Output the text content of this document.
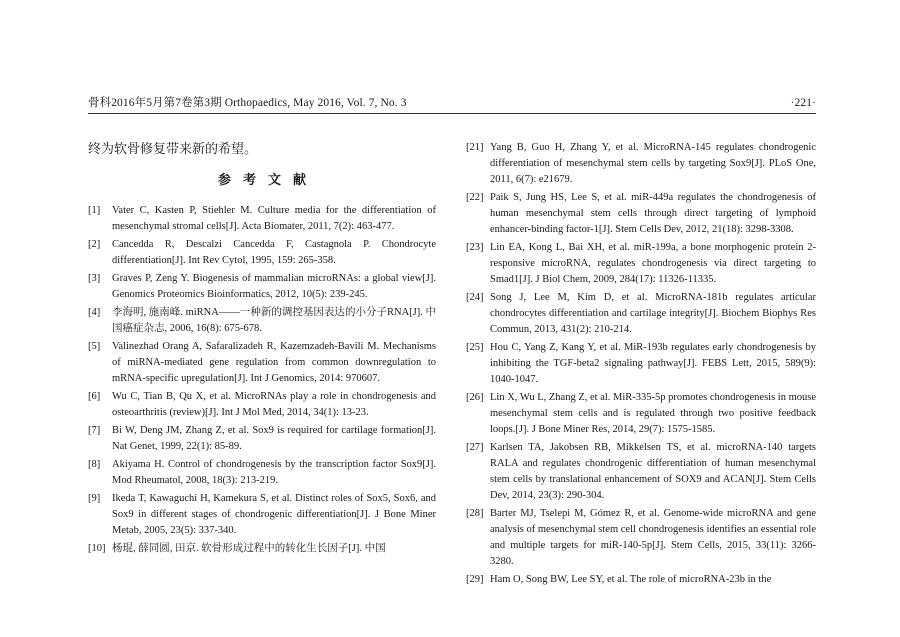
骨科2016年5月第7卷第3期 Orthopaedics, May 2016, Vol. 7, No. 3	·221·

终为软骨修复带来新的希望。

参考文献
[1] Vater C, Kasten P, Stiehler M. Culture media for the differentiation of mesenchymal stromal cells[J]. Acta Biomater, 2011, 7(2): 463-477.
[2] Cancedda R, Descalzi Cancedda F, Castagnola P. Chondrocyte differentiation[J]. Int Rev Cytol, 1995, 159: 265-358.
[3] Graves P, Zeng Y. Biogenesis of mammalian microRNAs: a global view[J]. Genomics Proteomics Bioinformatics, 2012, 10(5): 239-245.
[4] 李海明, 施南峰. miRNA——一种新的调控基因表达的小分子RNA[J]. 中国癌症杂志, 2006, 16(8): 675-678.
[5] Valinezhad Orang A, Safaralizadeh R, Kazemzadeh-Bavili M. Mechanisms of miRNA-mediated gene regulation from common downregulation to mRNA-specific upregulation[J]. Int J Genomics, 2014: 970607.
[6] Wu C, Tian B, Qu X, et al. MicroRNAs play a role in chondrogenesis and osteoarthritis (review)[J]. Int J Mol Med, 2014, 34(1): 13-23.
[7] Bi W, Deng JM, Zhang Z, et al. Sox9 is required for cartilage formation[J]. Nat Genet, 1999, 22(1): 85-89.
[8] Akiyama H. Control of chondrogenesis by the transcription factor Sox9[J]. Mod Rheumatol, 2008, 18(3): 213-219.
[9] Ikeda T, Kawaguchi H, Kamekura S, et al. Distinct roles of Sox5, Sox6, and Sox9 in different stages of chondrogenic differentiation[J]. J Bone Miner Metab, 2005, 23(5): 337-340.
[10] 杨琨, 薛同圆, 田京. 软骨形成过程中的转化生长因子[J]. 中国
[21] Yang B, Guo H, Zhang Y, et al. MicroRNA-145 regulates chondrogenic differentiation of mesenchymal stem cells by targeting Sox9[J]. PLoS One, 2011, 6(7): e21679.
[22] Paik S, Jung HS, Lee S, et al. miR-449a regulates the chondrogenesis of human mesenchymal stem cells through direct targeting of lymphoid enhancer-binding factor-1[J]. Stem Cells Dev, 2012, 21(18): 3298-3308.
[23] Lin EA, Kong L, Bai XH, et al. miR-199a, a bone morphogenic protein 2-responsive microRNA, regulates chondrogenesis via direct targeting to Smad1[J]. J Biol Chem, 2009, 284(17): 11326-11335.
[24] Song J, Lee M, Kim D, et al. MicroRNA-181b regulates articular chondrocytes differentiation and cartilage integrity[J]. Biochem Biophys Res Commun, 2013, 431(2): 210-214.
[25] Hou C, Yang Z, Kang Y, et al. MiR-193b regulates early chondrogenesis by inhibiting the TGF-beta2 signaling pathway[J]. FEBS Lett, 2015, 589(9): 1040-1047.
[26] Lin X, Wu L, Zhang Z, et al. MiR-335-5p promotes chondrogenesis in mouse mesenchymal stem cells and is regulated through two positive feedback loops.[J]. J Bone Miner Res, 2014, 29(7): 1575-1585.
[27] Karlsen TA, Jakobsen RB, Mikkelsen TS, et al. microRNA-140 targets RALA and regulates chondrogenic differentiation of human mesenchymal stem cells by translational enhancement of SOX9 and ACAN[J]. Stem Cells Dev, 2014, 23(3): 290-304.
[28] Barter MJ, Tselepi M, Gómez R, et al. Genome-wide microRNA and gene analysis of mesenchymal stem cell chondrogenesis identifies an essential role and multiple targets for miR-140-5p[J]. Stem Cells, 2015, 33(11): 3266-3280.
[29] Ham O, Song BW, Lee SY, et al. The role of microRNA-23b in the
